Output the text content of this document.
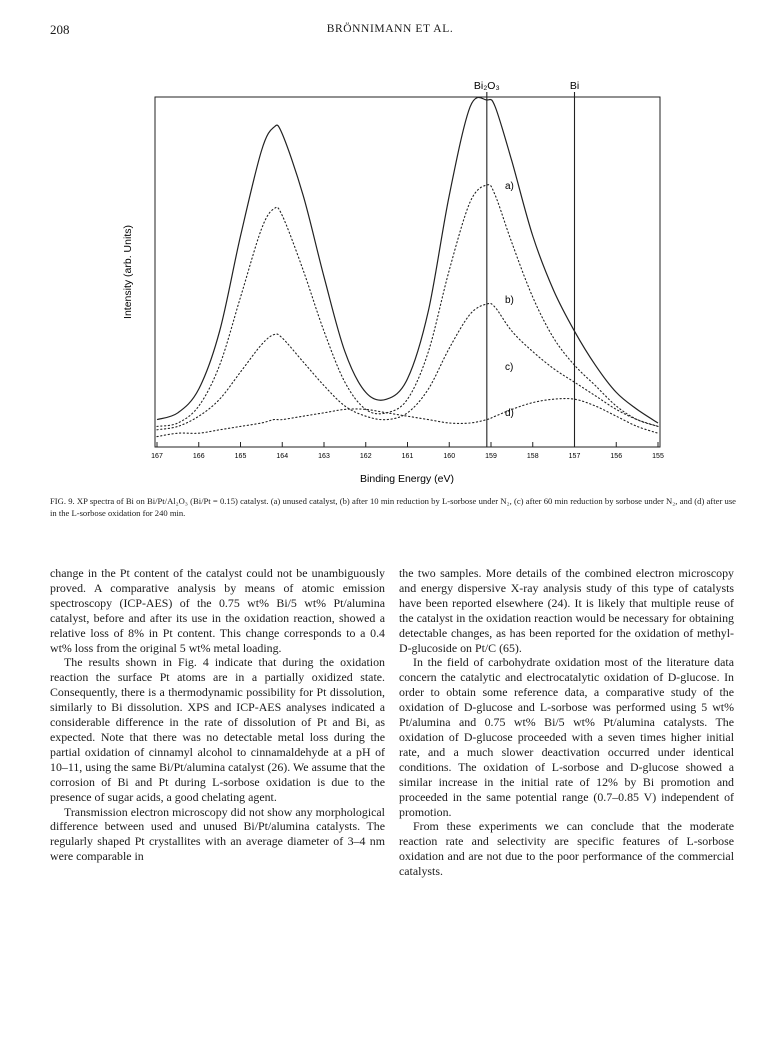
208	BRÖNNIMANN ET AL.
Bi₂O₃	Bi
167	166	165	164	163	162	161	160	159	158	157	156	155
a)
b)
c)
d)
Binding Energy (eV)
Intensity (arb. Units)
FIG. 9. XP spectra of Bi on Bi/Pt/Al₂O₃ (Bi/Pt = 0.15) catalyst. (a) unused catalyst, (b) after 10 min reduction by L-sorbose under N₂, (c) after 60 min reduction by sorbose under N₂, and (d) after use in the L-sorbose oxidation for 240 min.

change in the Pt content of the catalyst could not be unambiguously proved. A comparative analysis by means of atomic emission spectroscopy (ICP-AES) of the 0.75 wt% Bi/5 wt% Pt/alumina catalyst, before and after its use in the oxidation reaction, showed a relative loss of 8% in Pt content. This change corresponds to a 0.4 wt% loss from the original 5 wt% metal loading.

The results shown in Fig. 4 indicate that during the oxidation reaction the surface Pt atoms are in a partially oxidized state. Consequently, there is a thermodynamic possibility for Pt dissolution, similarly to Bi dissolution. XPS and ICP-AES analyses indicated a considerable difference in the rate of dissolution of Pt and Bi, as expected. Note that there was no detectable metal loss during the partial oxidation of cinnamyl alcohol to cinnamaldehyde at a pH of 10–11, using the same Bi/Pt/alumina catalyst (26). We assume that the corrosion of Bi and Pt during L-sorbose oxidation is due to the presence of sugar acids, a good chelating agent.

Transmission electron microscopy did not show any morphological difference between used and unused Bi/Pt/alumina catalysts. The regularly shaped Pt crystallites with an average diameter of 3–4 nm were comparable in

the two samples. More details of the combined electron microscopy and energy dispersive X-ray analysis study of this type of catalysts have been reported elsewhere (24). It is likely that multiple reuse of the catalyst in the oxidation reaction would be necessary for obtaining detectable changes, as has been reported for the oxidation of methyl-D-glucoside on Pt/C (65).

In the field of carbohydrate oxidation most of the literature data concern the catalytic and electrocatalytic oxidation of D-glucose. In order to obtain some reference data, a comparative study of the oxidation of D-glucose and L-sorbose was performed using 5 wt% Pt/alumina and 0.75 wt% Bi/5 wt% Pt/alumina catalysts. The oxidation of D-glucose proceeded with a seven times higher initial rate, and a much slower deactivation occurred under identical conditions. The oxidation of L-sorbose and D-glucose showed a similar increase in the initial rate of 12% by Bi promotion and proceeded in the same potential range (0.7–0.85 V) independent of promotion.

From these experiments we can conclude that the moderate reaction rate and selectivity are specific features of L-sorbose oxidation and are not due to the poor performance of the commercial catalysts.
